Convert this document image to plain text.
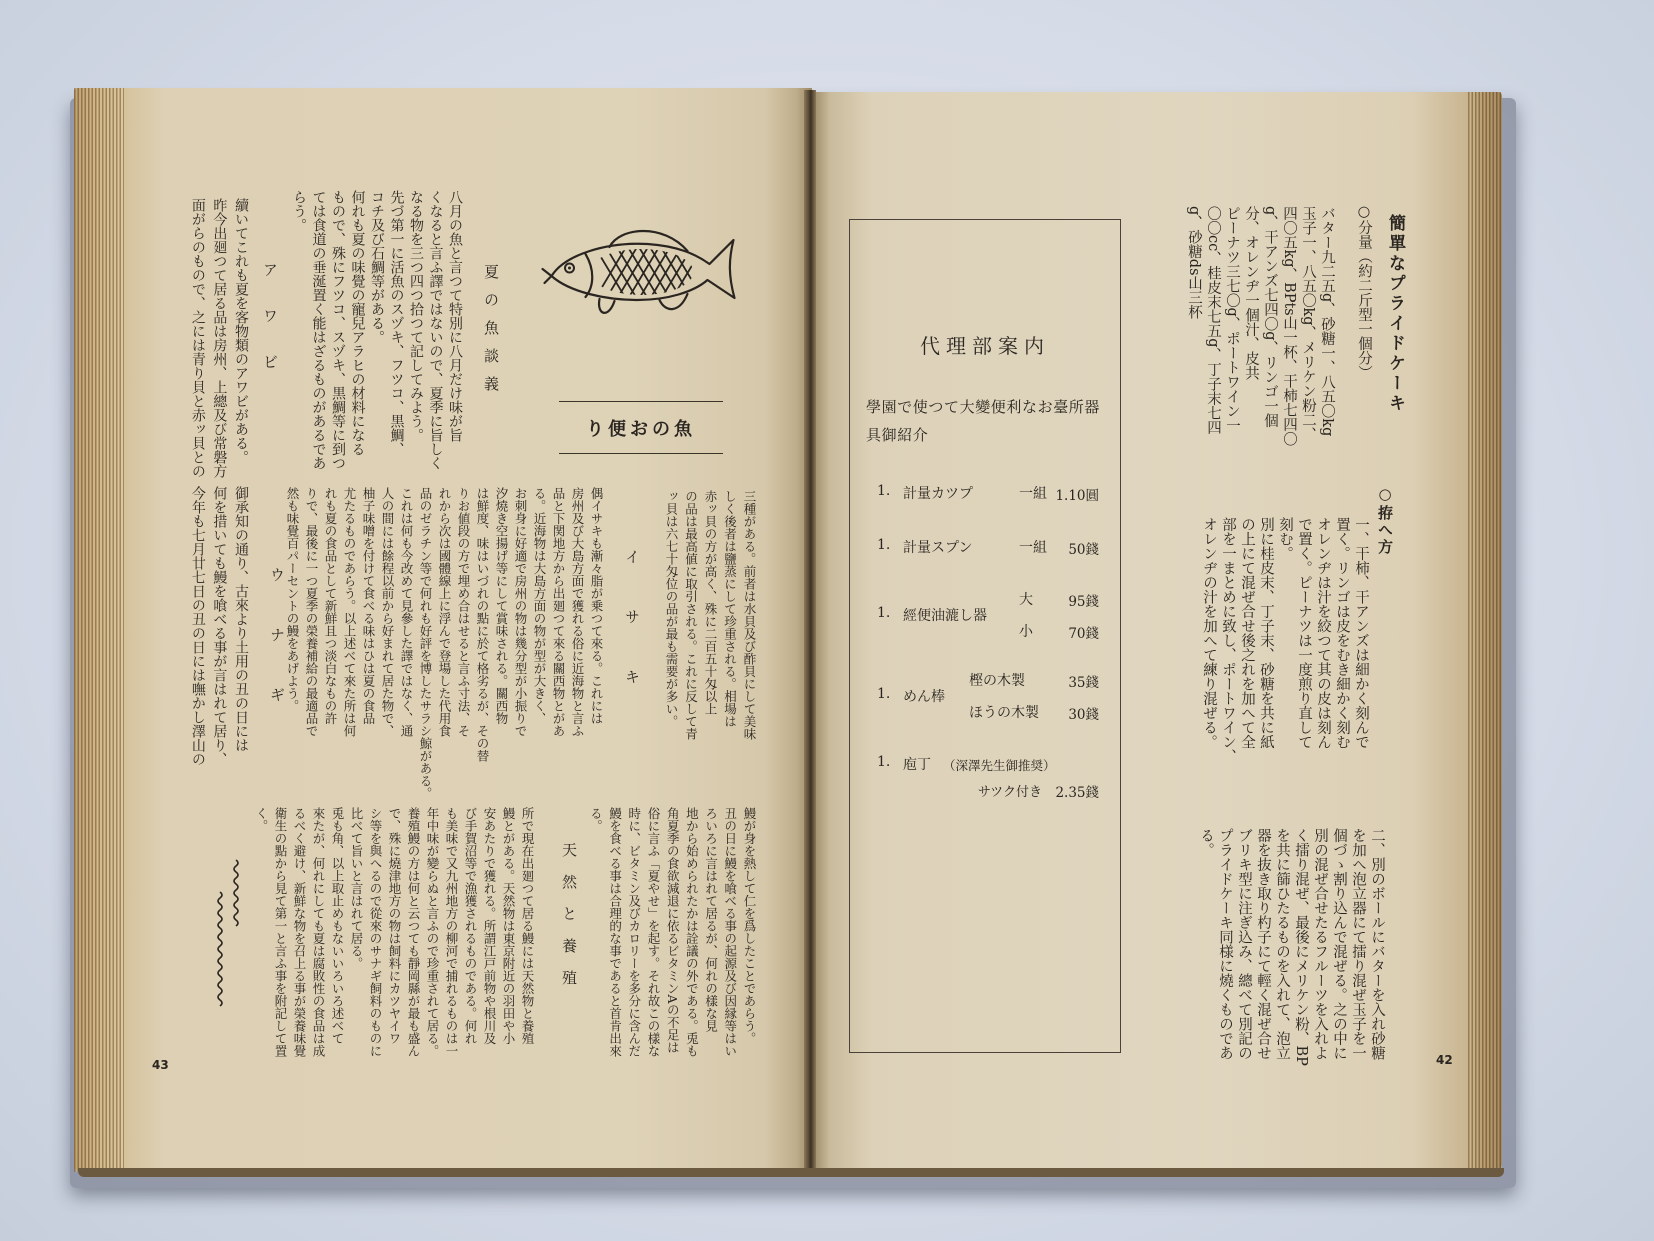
り便おの魚
夏の魚談義
八月の魚と言つて特別に八月だけ味が旨
くなると言ふ譯ではないので、夏季に旨しく
なる物を三つ四つ拾つて記してみよう。
先づ第一に活魚のスヅキ、フツコ、黒鯛、
コチ及び石鯛等がある。
何れも夏の味覺の寵兒アラヒの材料になる
もので、殊にフツコ、スヅキ、黒鯛等に到つ
ては食道の垂涎置く能はざるものがあるであ
らう。
アワビ
續いてこれも夏を客物類のアワビがある。
昨今出廻つて居る品は房州、上總及び常磐方
面がらのもので、之には青り貝と赤ッ貝との
三種がある。前者は水貝及び酢貝にして美味
しく後者は鹽蒸にして珍重される。相場は
赤ッ貝の方が高く、殊に二百五十匁以上
の品は最高値に取引される。これに反して青
ッ貝は六七十匁位の品が最も需要が多い。
イサキ
偶イサキも漸々脂が乗つて來る。これには
房州及び大島方面で獲れる俗に近海物と言ふ
品と下関地方から出廻つて來る關西物とがあ
る。近海物は大島方面の物が型が大きく、
お刺身に好適で房州の物は幾分型が小振りで
汐燒き空揚げ等にして賞味される。關西物
は鮮度、味はいづれの點に於て格劣るが、その替
りお値段の方で埋め合はせると言ふ寸法、そ
れから次は國體線上に浮んで登場した代用食
品のゼラチン等で何れも好評を博したサラシ鯨がある。
これは何も今改めて見參した譯ではなく、通
人の間には餘程以前から好まれて居た物で、
柚子味噌を付けて食べる味はひは夏の食品
尤たるものであらう。以上述べて來た所は何
れも夏の食品として新鮮且つ淡白なもの許
りで、最後に一つ夏季の榮養補給の最適品で
然も味覺百パーセントの鰻をあげよう。
ウナギ
御承知の通り、古來より土用の丑の日には
何を措いても鰻を喰べる事が言はれて居り、
今年も七月廿七日の丑の日には嘸かし澤山の
鰻が身を熱して仁を爲したことであらう。
丑の日に鰻を喰べる事の起源及び因縁等はい
ろいろに言はれて居るが、何れの樣な見
地から始められたかは詮議の外である。兎も
角夏季の食欲減退に依るビタミンAの不足は
俗に言ふ「夏やせ」を起す。それ故この樣な
時に、ビタミン及びカロリーを多分に含んだ
鰻を食べる事は合理的な事であると首肯出來
る。
天然と養殖
所で現在出廻つて居る鰻には天然物と養殖
鰻とがある。天然物は東京附近の羽田や小
安あたりで獲れる。所謂江戸前物や根川及
び手賀沼等で漁獲されるものである。何れ
も美味で又九州地方の柳河で捕れるものは一
年中味が變らぬと言ふので珍重されて居る。
養殖鰻の方は何と云つても靜岡縣が最も盛ん
で、殊に燒津地方の物は飼料にカツヤイワ
シ等を與へるので從來のサナギ飼料のものに
比べて旨いと言はれて居る。
兎も角、以上取止めもないいろいろ述べて
來たが、何れにしても夏は腐敗性の食品は成
るべく避け、新鮮な物を召上る事が榮養味覺
衛生の點から見て第一と言ふ事を附記して置
く。
43
簡單なプライドケーキ
○分量（約二斤型一個分）
バター九二五g、砂糖一、八五〇kg
玉子一、八五〇kg、メリケン粉二、
四〇五kg、BPts山一杯、干柿七四〇
g、干アンズ七四〇g、リンゴ一個
分、オレンヂ一個汁、皮共
ピーナツ三七〇g、ポートワイン一
〇〇cc、桂皮末七五g、丁子末七四
g、砂糖ds山三杯
○拵へ方
一、干柿、干アンズは細かく刻んで
置く。リンゴは皮をむき細かく刻む
オレンヂは汁を絞つて其の皮は刻ん
で置く。ピーナツは一度煎り直して
刻む。
別に桂皮末、丁子末、砂糖を共に紙
の上にて混ぜ合せ後之れを加へて全
部を一まとめに致し、ポートワイン、
オレンヂの汁を加へて練り混ぜる。
二、別のボールにバターを入れ砂糖
を加へ泡立器にて擂り混ぜ玉子を一
個づゝ割り込んで混ぜる。之の中に
別の混ぜ合せたるフルーツを入れよ
く擂り混ぜ、最後にメリケン粉、BP
を共に篩ひたるものを入れて、泡立
器を抜き取り杓子にて輕く混ぜ合せ
ブリキ型に注ぎ込み、總べて別記の
プライドケーキ同様に燒くものであ
る。
42
代理部案内
學園で使つて大變便利なお臺所器
具御紹介
1. 計量カツプ	一組 1.10圓
1. 計量スプン	一組 50錢
1. 經便油漉し器
大	95錢
小	70錢
1. めん棒
樫の木製	35錢
ほうの木製 30錢
1. 庖丁 （深澤先生御推奨）
サツク付き 2.35錢
